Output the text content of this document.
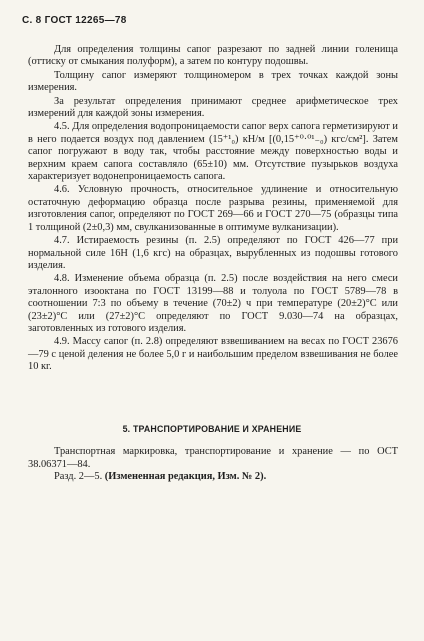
С. 8 ГОСТ 12265—78

Для определения толщины сапог разрезают по задней линии голенища (оттиску от смыкания полуформ), а затем по контуру подошвы.

Толщину сапог измеряют толщиномером в трех точках каждой зоны измерения.

За результат определения принимают среднее арифметическое трех измерений для каждой зоны измерения.

4.5. Для определения водопроницаемости сапог верх сапога герметизируют и в него подается воздух под давлением (15⁺¹₀) кН/м [(0,15⁺⁰·⁰¹₋₀) кгс/см²]. Затем сапог погружают в воду так, чтобы расстояние между поверхностью воды и верхним краем сапога составляло (65±10) мм. Отсутствие пузырьков воздуха характеризует водонепроницаемость сапога.

4.6. Условную прочность, относительное удлинение и относительную остаточную деформацию образца после разрыва резины, применяемой для изготовления сапог, определяют по ГОСТ 269—66 и ГОСТ 270—75 (образцы типа 1 толщиной (2±0,3) мм, свулканизованные в оптимуме вулканизации).

4.7. Истираемость резины (п. 2.5) определяют по ГОСТ 426—77 при нормальной силе 16Н (1,6 кгс) на образцах, вырубленных из подошвы готового изделия.

4.8. Изменение объема образца (п. 2.5) после воздействия на него смеси эталонного изооктана по ГОСТ 13199—88 и толуола по ГОСТ 5789—78 в соотношении 7:3 по объему в течение (70±2) ч при температуре (20±2)°С или (23±2)°С или (27±2)°С определяют по ГОСТ 9.030—74 на образцах, заготовленных из готового изделия.

4.9. Массу сапог (п. 2.8) определяют взвешиванием на весах по ГОСТ 23676—79 с ценой деления не более 5,0 г и наибольшим пределом взвешивания не более 10 кг.

5. ТРАНСПОРТИРОВАНИЕ И ХРАНЕНИЕ

Транспортная маркировка, транспортирование и хранение — по ОСТ 38.06371—84.

Разд. 2—5. (Измененная редакция, Изм. № 2).
